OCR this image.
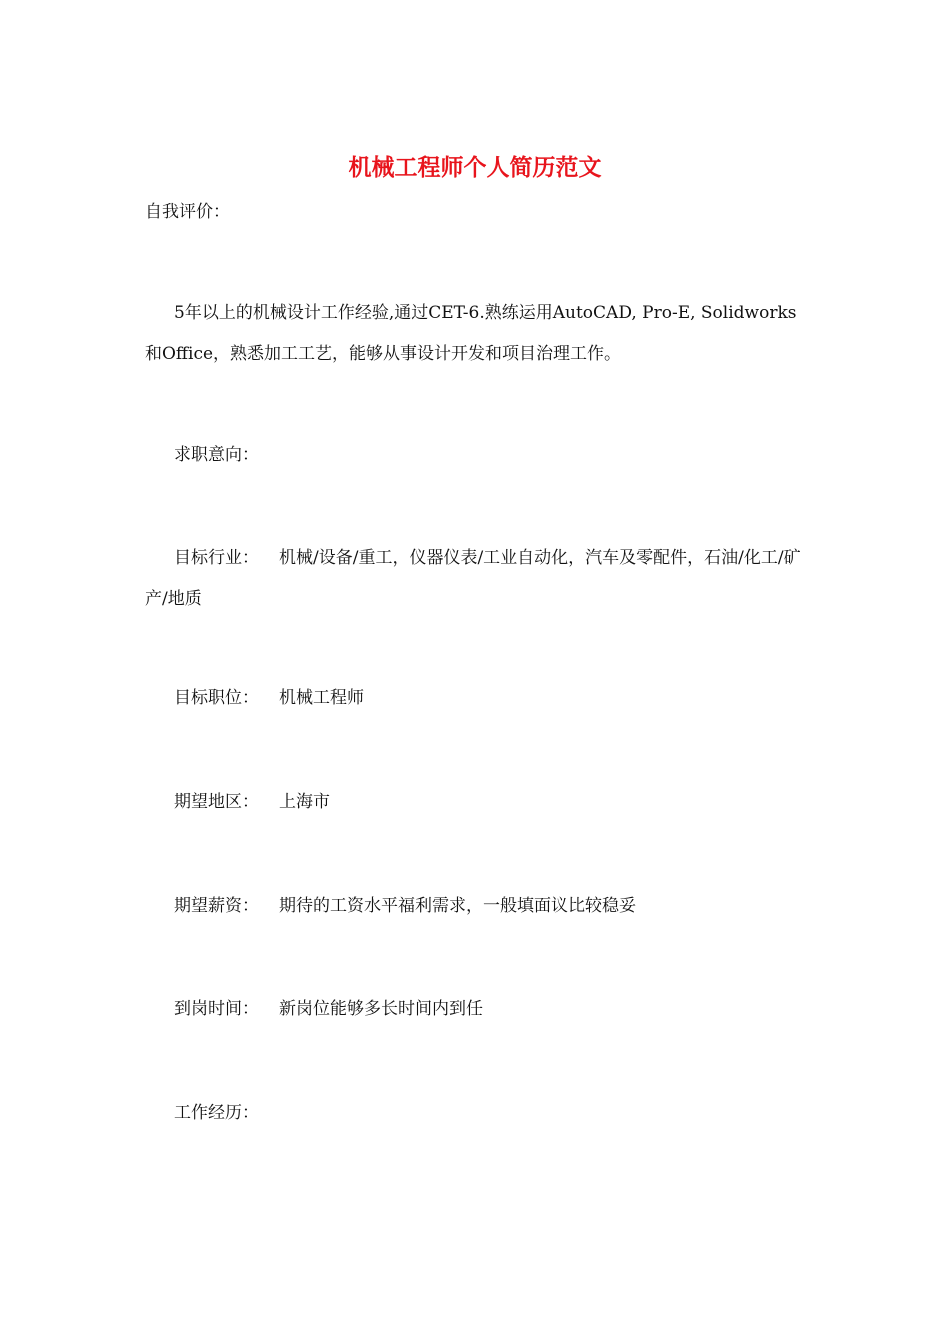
机械工程师个人简历范文

自我评价：

5年以上的机械设计工作经验,通过CET-6.熟练运用AutoCAD, Pro-E, Solidworks和Office，熟悉加工工艺，能够从事设计开发和项目治理工作。

求职意向：

目标行业： 机械/设备/重工，仪器仪表/工业自动化，汽车及零配件，石油/化工/矿产/地质

目标职位： 机械工程师

期望地区： 上海市

期望薪资： 期待的工资水平福利需求，一般填面议比较稳妥

到岗时间： 新岗位能够多长时间内到任

工作经历：
